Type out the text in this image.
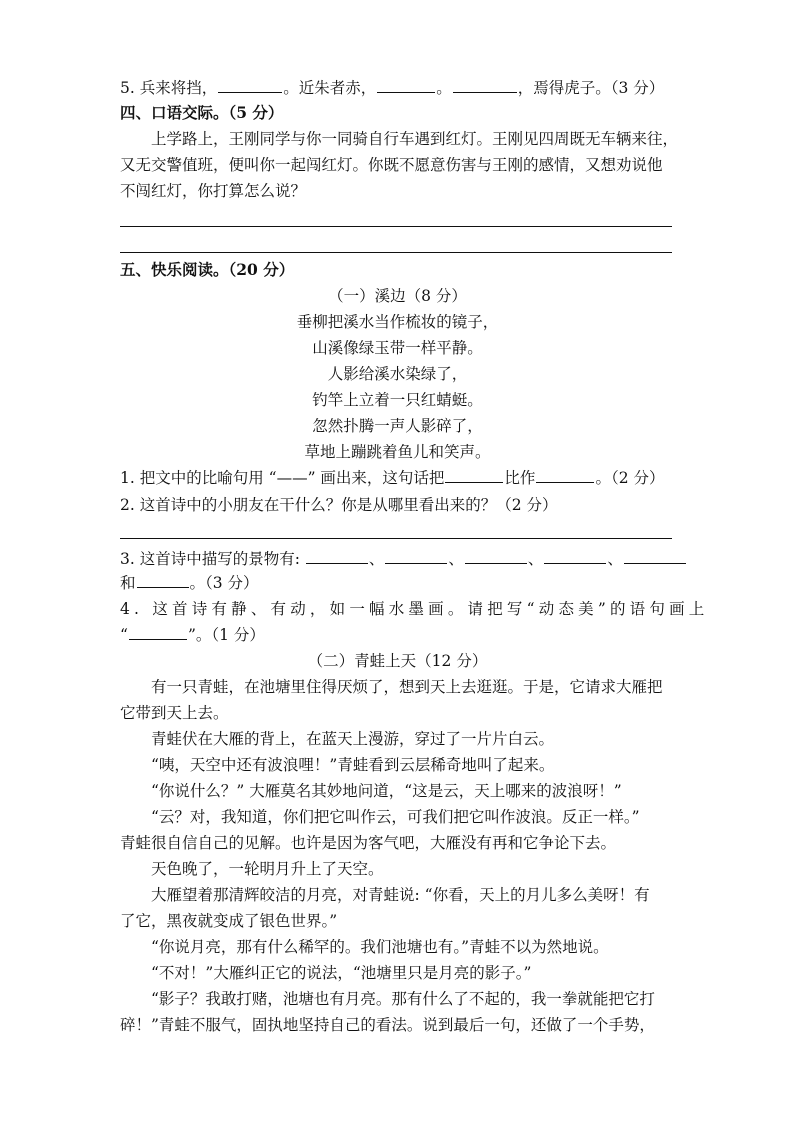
5. 兵来将挡，	。近朱者赤，	。	，焉得虎子。（3 分）
四、口语交际。（5 分）
上学路上，王刚同学与你一同骑自行车遇到红灯。王刚见四周既无车辆来往，
又无交警值班，便叫你一起闯红灯。你既不愿意伤害与王刚的感情，又想劝说他
不闯红灯，你打算怎么说？
五、快乐阅读。（20 分）
（一）溪边（8 分）
垂柳把溪水当作梳妆的镜子，
山溪像绿玉带一样平静。
人影给溪水染绿了，
钓竿上立着一只红蜻蜓。
忽然扑腾一声人影碎了，
草地上蹦跳着鱼儿和笑声。
1. 把文中的比喻句用 “——” 画出来，这句话把	比作	。（2 分）
2. 这首诗中的小朋友在干什么？你是从哪里看出来的？（2 分）
3. 这首诗中描写的景物有:	、	、	、	、
和	。（3 分）
4. 这首诗有静、有动，如一幅水墨画。请把写“动态美”的语句画上
“	”。（1 分）
（二）青蛙上天（12 分）
有一只青蛙，在池塘里住得厌烦了，想到天上去逛逛。于是，它请求大雁把
它带到天上去。
青蛙伏在大雁的背上，在蓝天上漫游，穿过了一片片白云。
“咦，天空中还有波浪哩！”青蛙看到云层稀奇地叫了起来。
“你说什么？” 大雁莫名其妙地问道，“这是云，天上哪来的波浪呀！”
“云？对，我知道，你们把它叫作云，可我们把它叫作波浪。反正一样。”
青蛙很自信自己的见解。也许是因为客气吧，大雁没有再和它争论下去。
天色晚了，一轮明月升上了天空。
大雁望着那清辉皎洁的月亮，对青蛙说: “你看，天上的月儿多么美呀！有
了它，黑夜就变成了银色世界。”
“你说月亮，那有什么稀罕的。我们池塘也有。”青蛙不以为然地说。
“不对！”大雁纠正它的说法，“池塘里只是月亮的影子。”
“影子？我敢打赌，池塘也有月亮。那有什么了不起的，我一拳就能把它打
碎！”青蛙不服气，固执地坚持自己的看法。说到最后一句，还做了一个手势，
